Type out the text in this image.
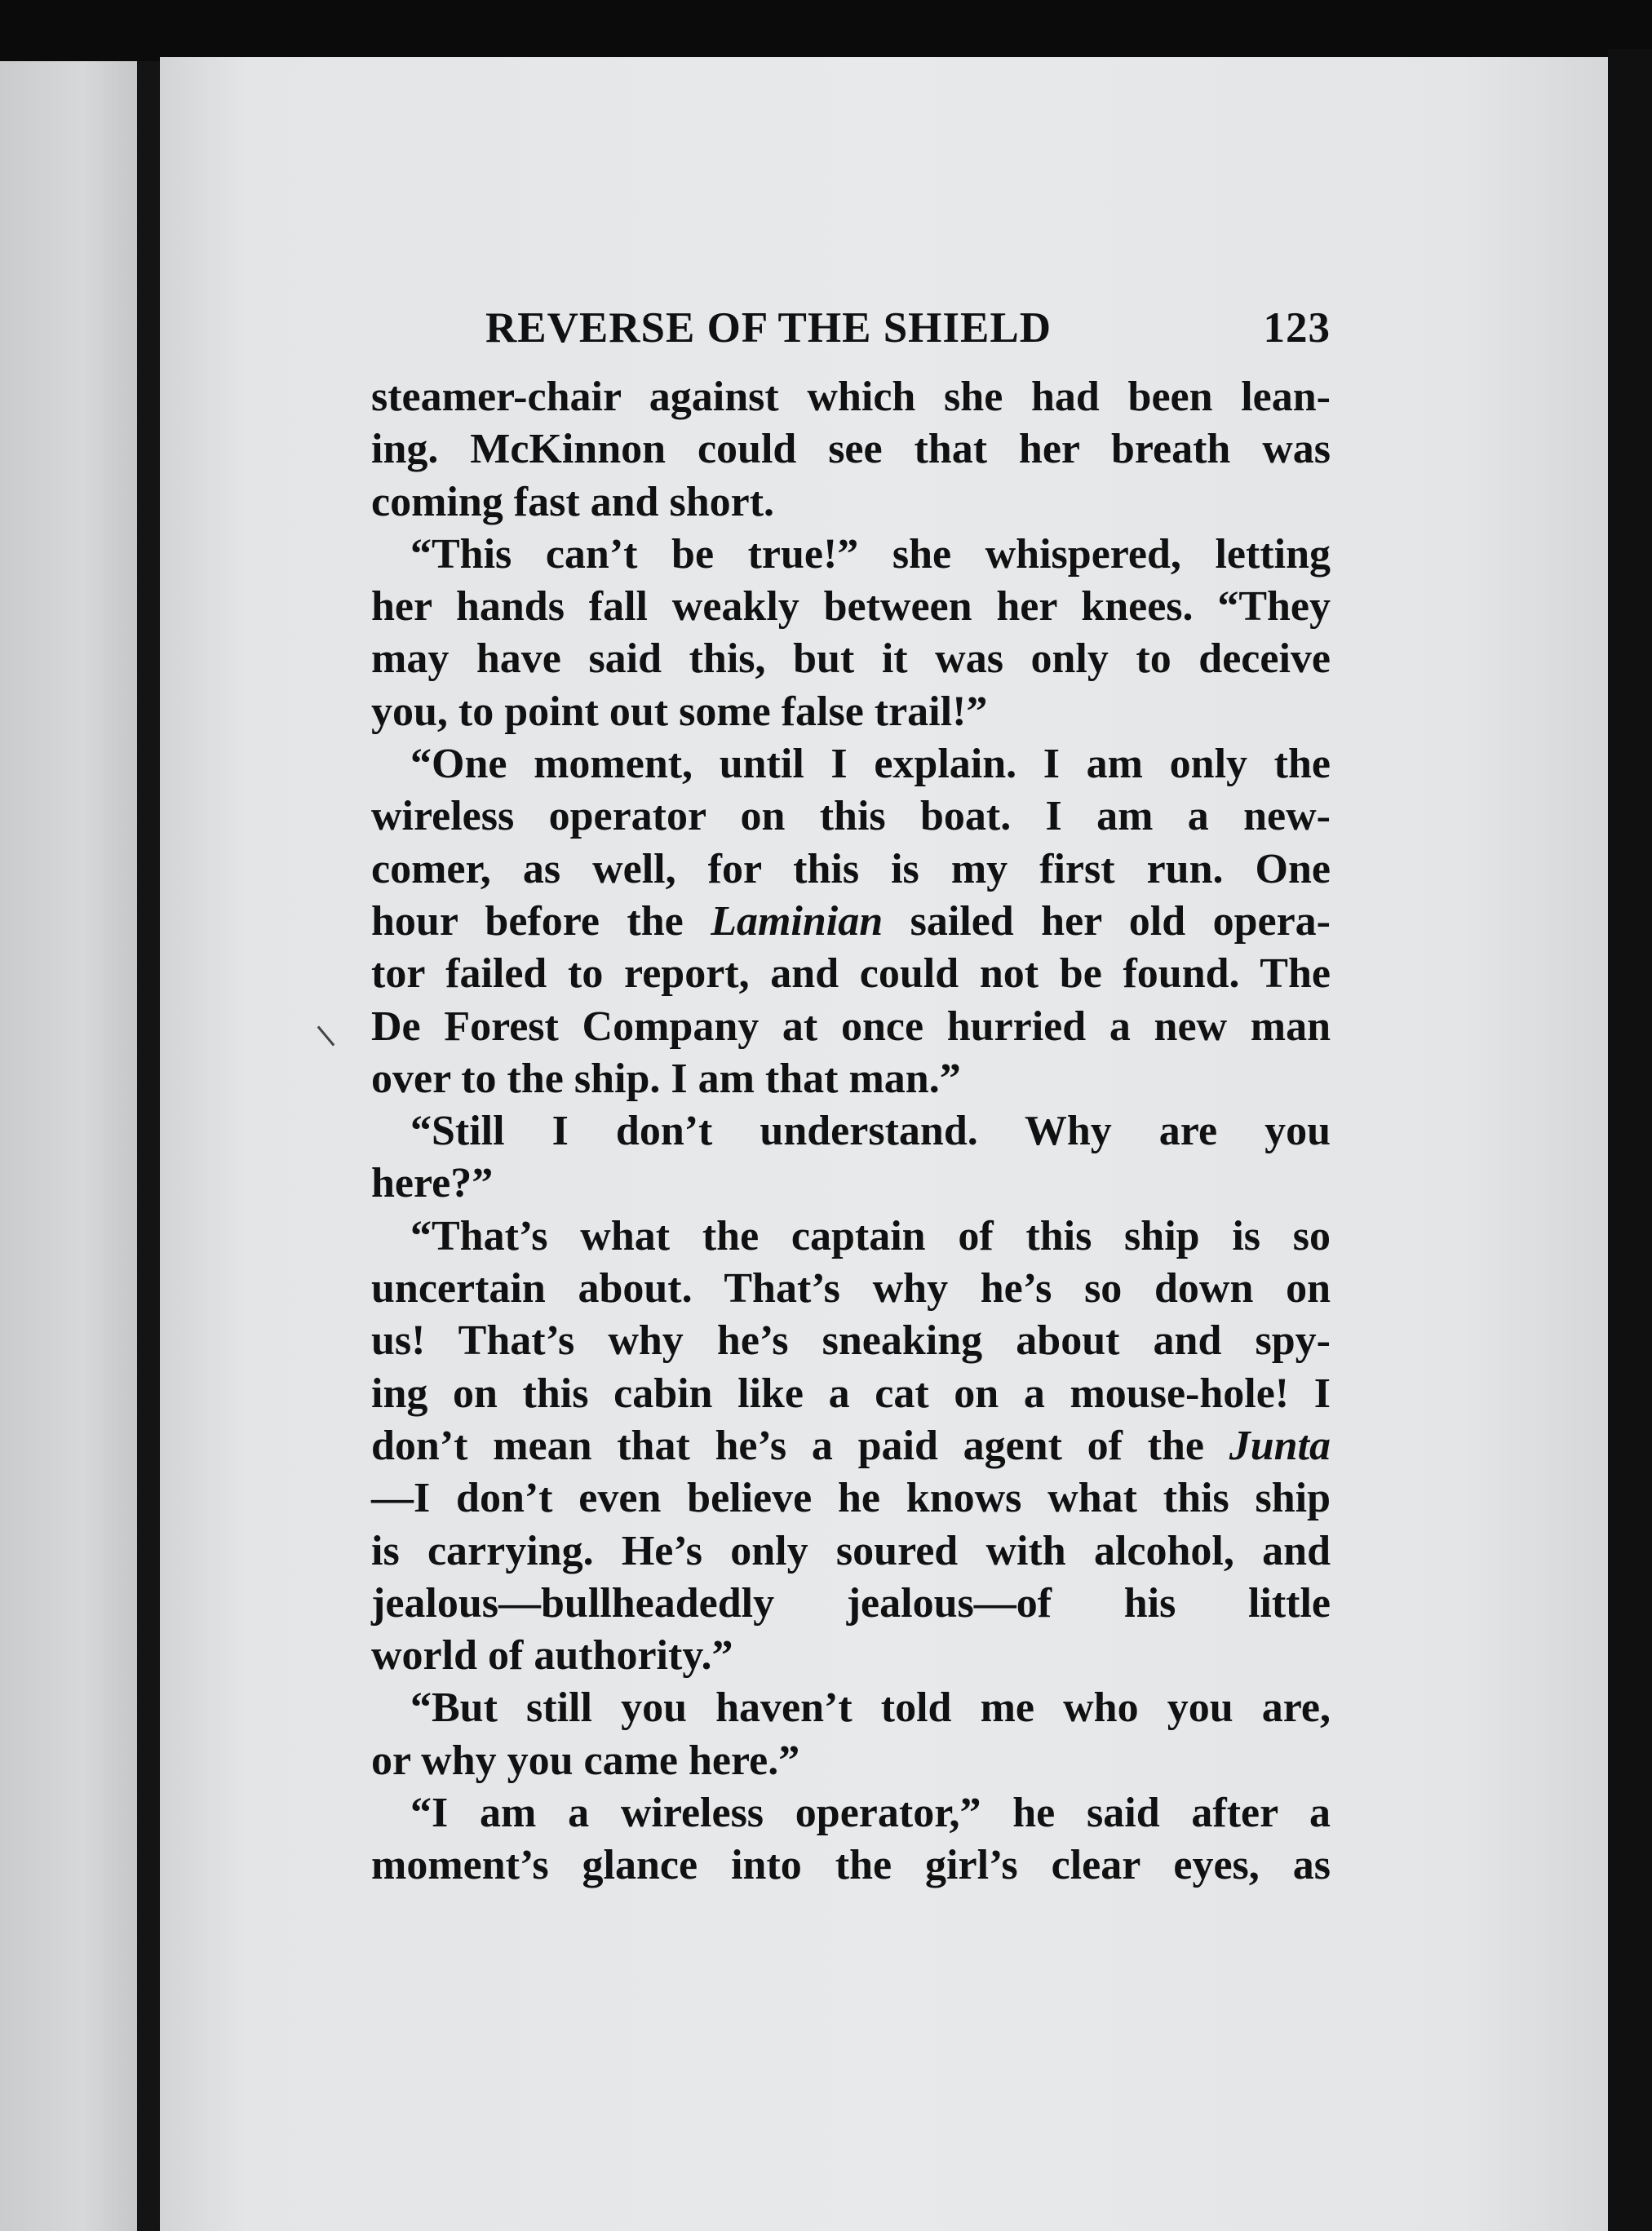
REVERSE OF THE SHIELD	123

steamer-chair against which she had been lean-
ing. McKinnon could see that her breath was
coming fast and short.

“This can’t be true!” she whispered, letting
her hands fall weakly between her knees. “They
may have said this, but it was only to deceive
you, to point out some false trail!”

“One moment, until I explain. I am only the
wireless operator on this boat. I am a new-
comer, as well, for this is my first run. One
hour before the Laminian sailed her old opera-
tor failed to report, and could not be found. The
De Forest Company at once hurried a new man
over to the ship. I am that man.”

“Still I don’t understand. Why are you
here?”

“That’s what the captain of this ship is so
uncertain about. That’s why he’s so down on
us! That’s why he’s sneaking about and spy-
ing on this cabin like a cat on a mouse-hole! I
don’t mean that he’s a paid agent of the Junta
—I don’t even believe he knows what this ship
is carrying. He’s only soured with alcohol, and
jealous—bullheadedly jealous—of his little
world of authority.”

“But still you haven’t told me who you are,
or why you came here.”

“I am a wireless operator,” he said after a
moment’s glance into the girl’s clear eyes, as
